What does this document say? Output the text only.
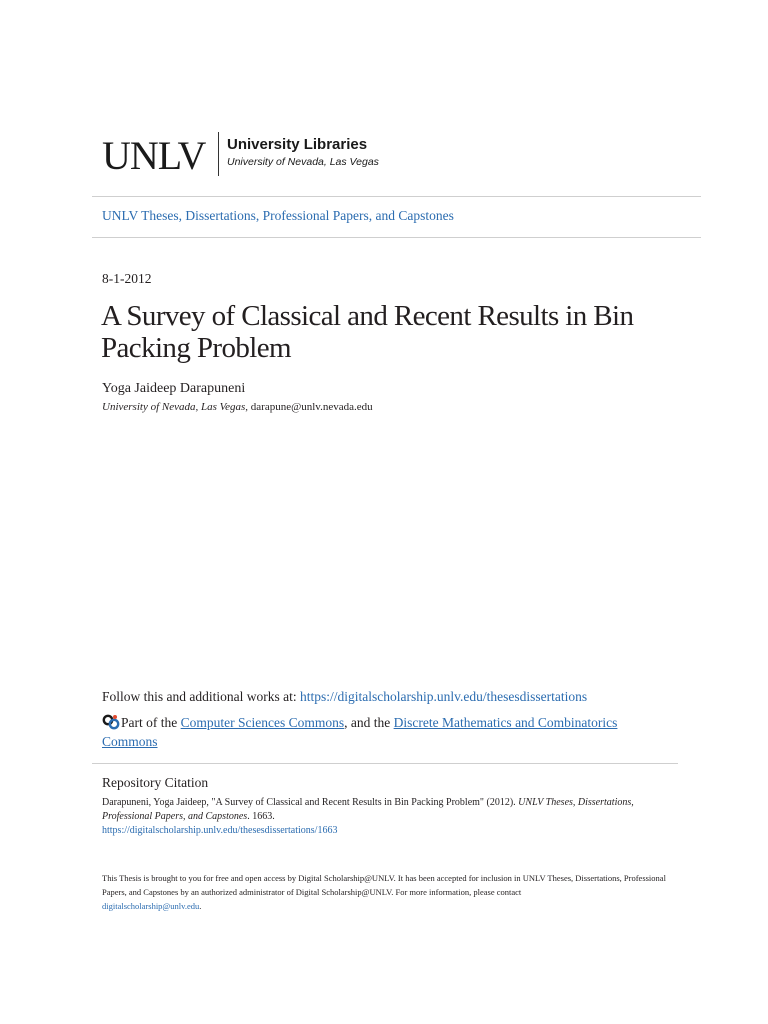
UNLV University Libraries
University of Nevada, Las Vegas
UNLV Theses, Dissertations, Professional Papers, and Capstones
8-1-2012
A Survey of Classical and Recent Results in Bin Packing Problem
Yoga Jaideep Darapuneni
University of Nevada, Las Vegas, darapune@unlv.nevada.edu
Follow this and additional works at: https://digitalscholarship.unlv.edu/thesesdissertations
Part of the Computer Sciences Commons, and the Discrete Mathematics and Combinatorics Commons
Repository Citation
Darapuneni, Yoga Jaideep, "A Survey of Classical and Recent Results in Bin Packing Problem" (2012). UNLV Theses, Dissertations, Professional Papers, and Capstones. 1663.
https://digitalscholarship.unlv.edu/thesesdissertations/1663
This Thesis is brought to you for free and open access by Digital Scholarship@UNLV. It has been accepted for inclusion in UNLV Theses, Dissertations, Professional Papers, and Capstones by an authorized administrator of Digital Scholarship@UNLV. For more information, please contact
digitalscholarship@unlv.edu.
